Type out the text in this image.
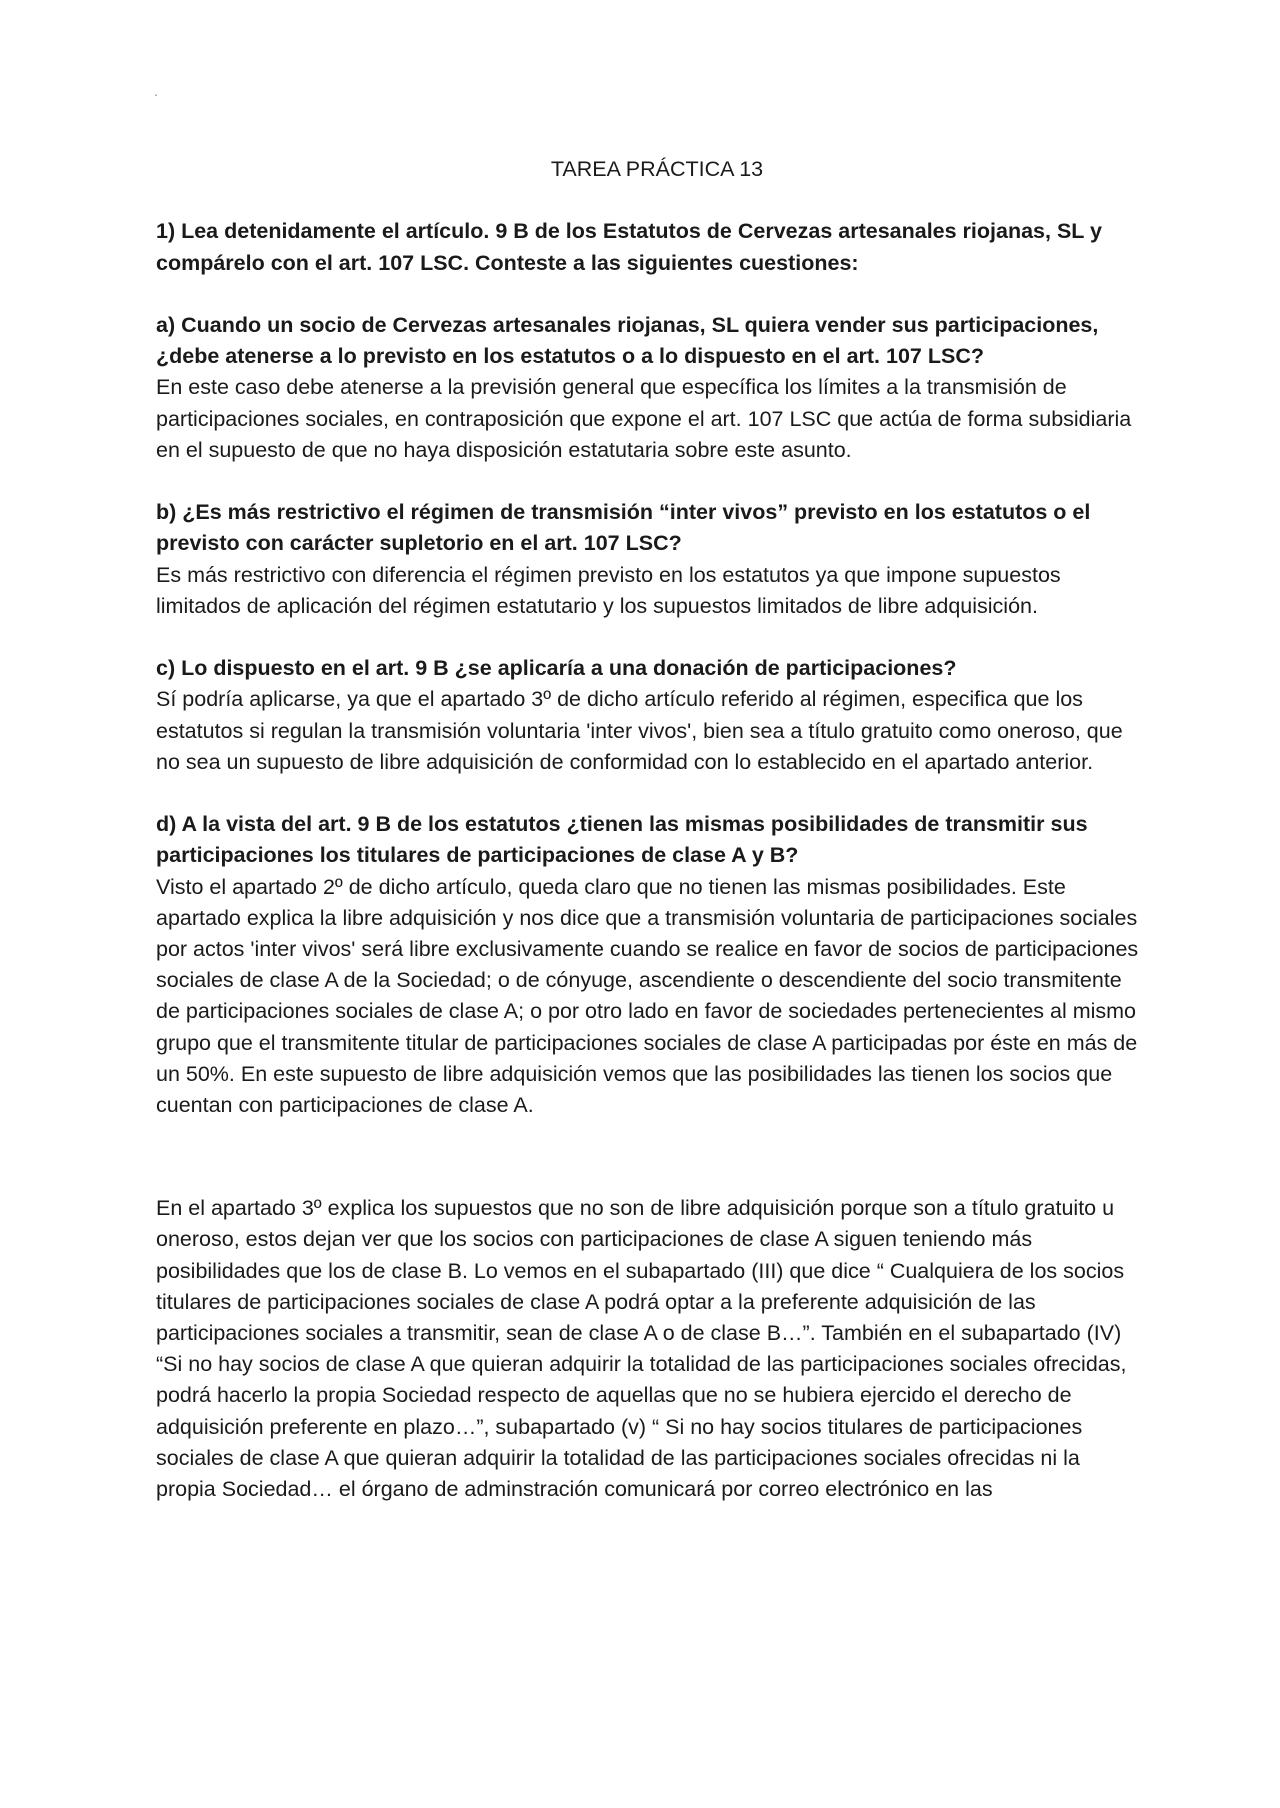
.

TAREA PRÁCTICA 13

1) Lea detenidamente el artículo. 9 B de los Estatutos de Cervezas artesanales riojanas, SL y compárelo con el art. 107 LSC. Conteste a las siguientes cuestiones:

a) Cuando un socio de Cervezas artesanales riojanas, SL quiera vender sus participaciones, ¿debe atenerse a lo previsto en los estatutos o a lo dispuesto en el art. 107 LSC?

En este caso debe atenerse a la previsión general que específica los límites a la transmisión de participaciones sociales, en contraposición que expone el art. 107 LSC que actúa de forma subsidiaria en el supuesto de que no haya disposición estatutaria sobre este asunto.

b) ¿Es más restrictivo el régimen de transmisión “inter vivos” previsto en los estatutos o el previsto con carácter supletorio en el art. 107 LSC?

Es más restrictivo con diferencia el régimen previsto en los estatutos ya que impone supuestos limitados de aplicación del régimen estatutario y los supuestos limitados de libre adquisición.

c) Lo dispuesto en el art. 9 B ¿se aplicaría a una donación de participaciones?

Sí podría aplicarse, ya que el apartado 3º de dicho artículo referido al régimen, especifica que los estatutos si regulan la transmisión voluntaria 'inter vivos', bien sea a título gratuito como oneroso, que no sea un supuesto de libre adquisición de conformidad con lo establecido en el apartado anterior.

d) A la vista del art. 9 B de los estatutos ¿tienen las mismas posibilidades de transmitir sus participaciones los titulares de participaciones de clase A y B?

Visto el apartado 2º de dicho artículo, queda claro que no tienen las mismas posibilidades. Este apartado explica la libre adquisición y nos dice que a transmisión voluntaria de participaciones sociales por actos 'inter vivos' será libre exclusivamente cuando se realice en favor de socios de participaciones sociales de clase A de la Sociedad; o de cónyuge, ascendiente o descendiente del socio transmitente de participaciones sociales de clase A; o por otro lado en favor de sociedades pertenecientes al mismo grupo que el transmitente titular de participaciones sociales de clase A participadas por éste en más de un 50%. En este supuesto de libre adquisición vemos que las posibilidades las tienen los socios que cuentan con participaciones de clase A.

En el apartado 3º explica los supuestos que no son de libre adquisición porque son a título gratuito u oneroso, estos dejan ver que los socios con participaciones de clase A siguen teniendo más posibilidades que los de clase B. Lo vemos en el subapartado (III) que dice “ Cualquiera de los socios titulares de participaciones sociales de clase A podrá optar a la preferente adquisición de las participaciones sociales a transmitir, sean de clase A o de clase B…”. También en el subapartado (IV) “Si no hay socios de clase A que quieran adquirir la totalidad de las participaciones sociales ofrecidas, podrá hacerlo la propia Sociedad respecto de aquellas que no se hubiera ejercido el derecho de adquisición preferente en plazo…”, subapartado (v) “ Si no hay socios titulares de participaciones sociales de clase A que quieran adquirir la totalidad de las participaciones sociales ofrecidas ni la propia Sociedad… el órgano de adminstración comunicará por correo electrónico en las
